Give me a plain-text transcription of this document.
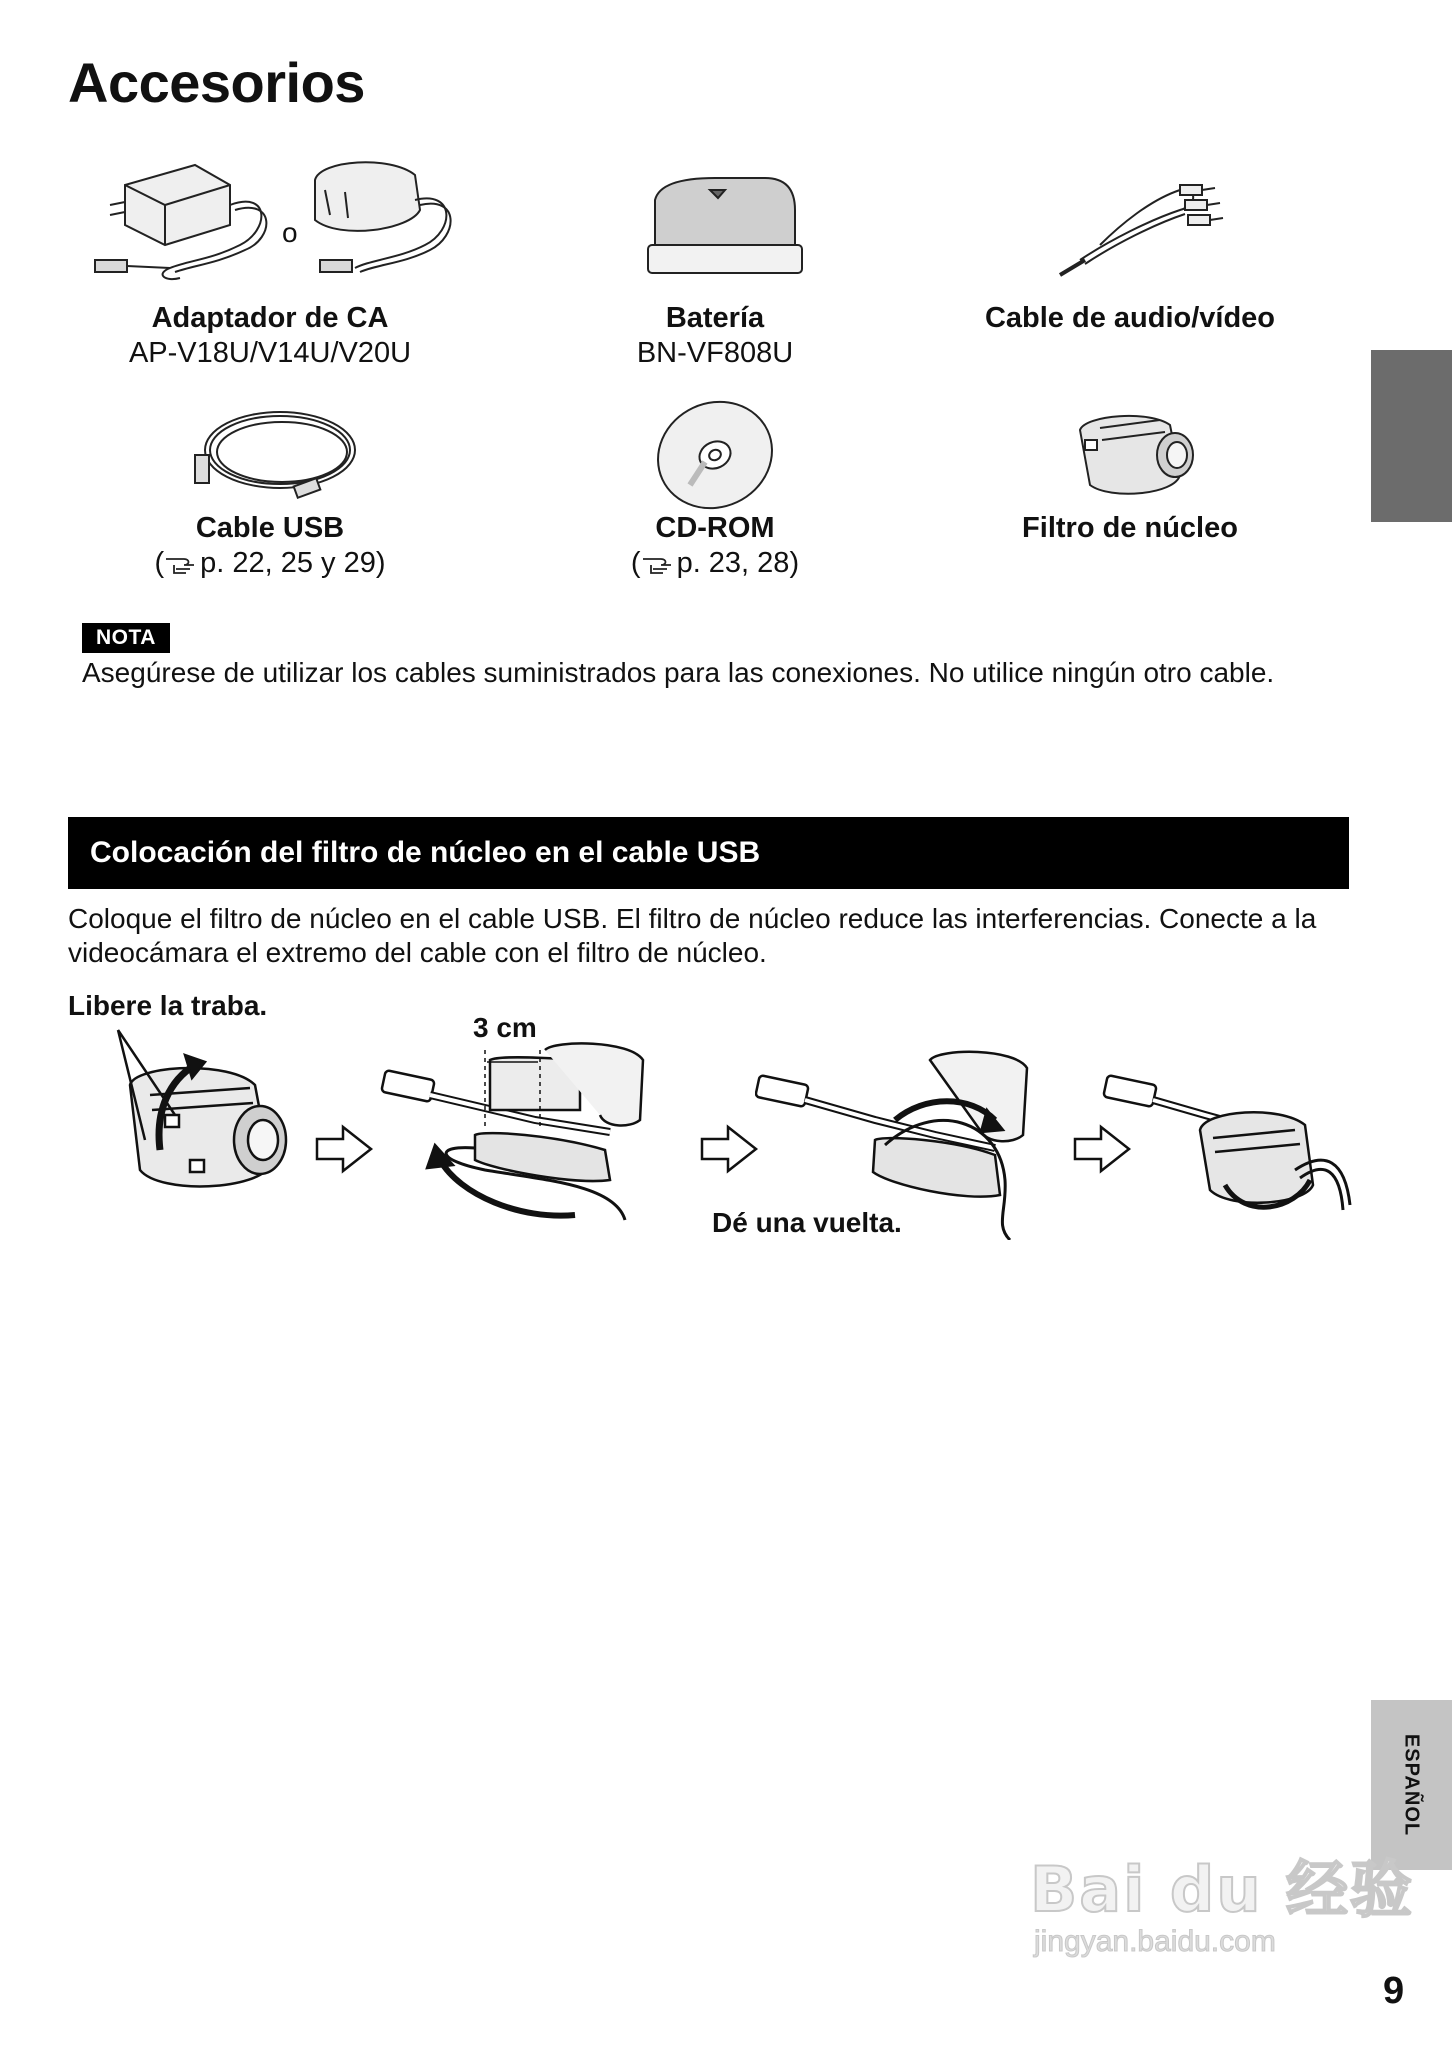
Accesorios
o
Adaptador de CA
AP-V18U/V14U/V20U
Batería
BN-VF808U
Cable de audio/vídeo
Cable USB
( p. 22, 25 y 29)
CD-ROM
( p. 23, 28)
Filtro de núcleo
NOTA
Asegúrese de utilizar los cables suministrados para las conexiones. No utilice ningún otro cable.
Colocación del filtro de núcleo en el cable USB
Coloque el filtro de núcleo en el cable USB. El filtro de núcleo reduce las interferencias. Conecte a la videocámara el extremo del cable con el filtro de núcleo.
Libere la traba.
3 cm
Dé una vuelta.
ESPAÑOL
Bai du 经验
jingyan.baidu.com
9
